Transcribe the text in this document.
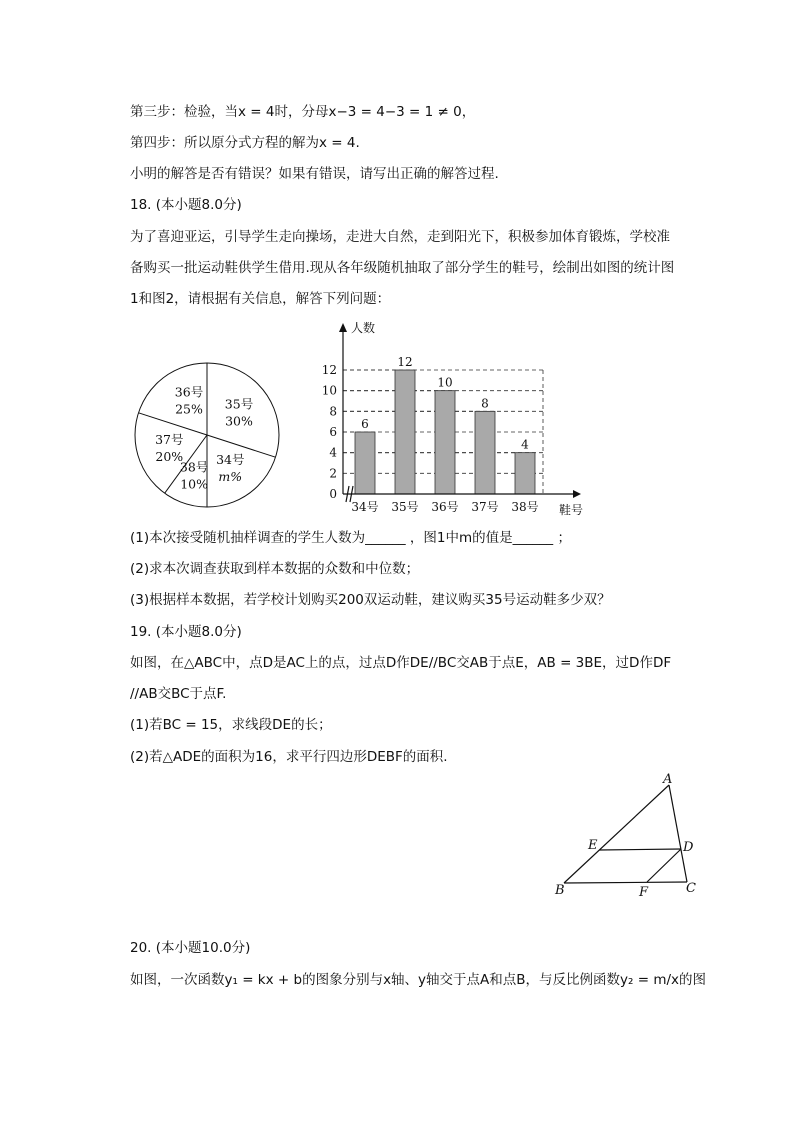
第三步：检验，当x = 4时，分母x−3 = 4−3 = 1 ≠ 0，
第四步：所以原分式方程的解为x = 4.
小明的解答是否有错误？如果有错误，请写出正确的解答过程.
18. (本小题8.0分)
为了喜迎亚运，引导学生走向操场，走进大自然，走到阳光下，积极参加体育锻炼，学校准
备购买一批运动鞋供学生借用.现从各年级随机抽取了部分学生的鞋号，绘制出如图的统计图
1和图2，请根据有关信息，解答下列问题：
35号
30%
34号
m%
38号
10%
37号
20%
36号
25%
0
2
4
6
8
10
12
6
34号
12
35号
10
36号
8
37号
4
38号
人数
鞋号
(1)本次接受随机抽样调查的学生人数为______ ，图1中m的值是______ ；
(2)求本次调查获取到样本数据的众数和中位数；
(3)根据样本数据，若学校计划购买200双运动鞋，建议购买35号运动鞋多少双？
19. (本小题8.0分)
如图，在△ABC中，点D是AC上的点，过点D作DE//BC交AB于点E，AB = 3BE，过D作DF
//AB交BC于点F.
(1)若BC = 15，求线段DE的长；
(2)若△ADE的面积为16，求平行四边形DEBF的面积.
A
E	D
B	F	C
20. (本小题10.0分)
如图，一次函数y₁ = kx + b的图象分别与x轴、y轴交于点A和点B，与反比例函数y₂ = m/x的图
